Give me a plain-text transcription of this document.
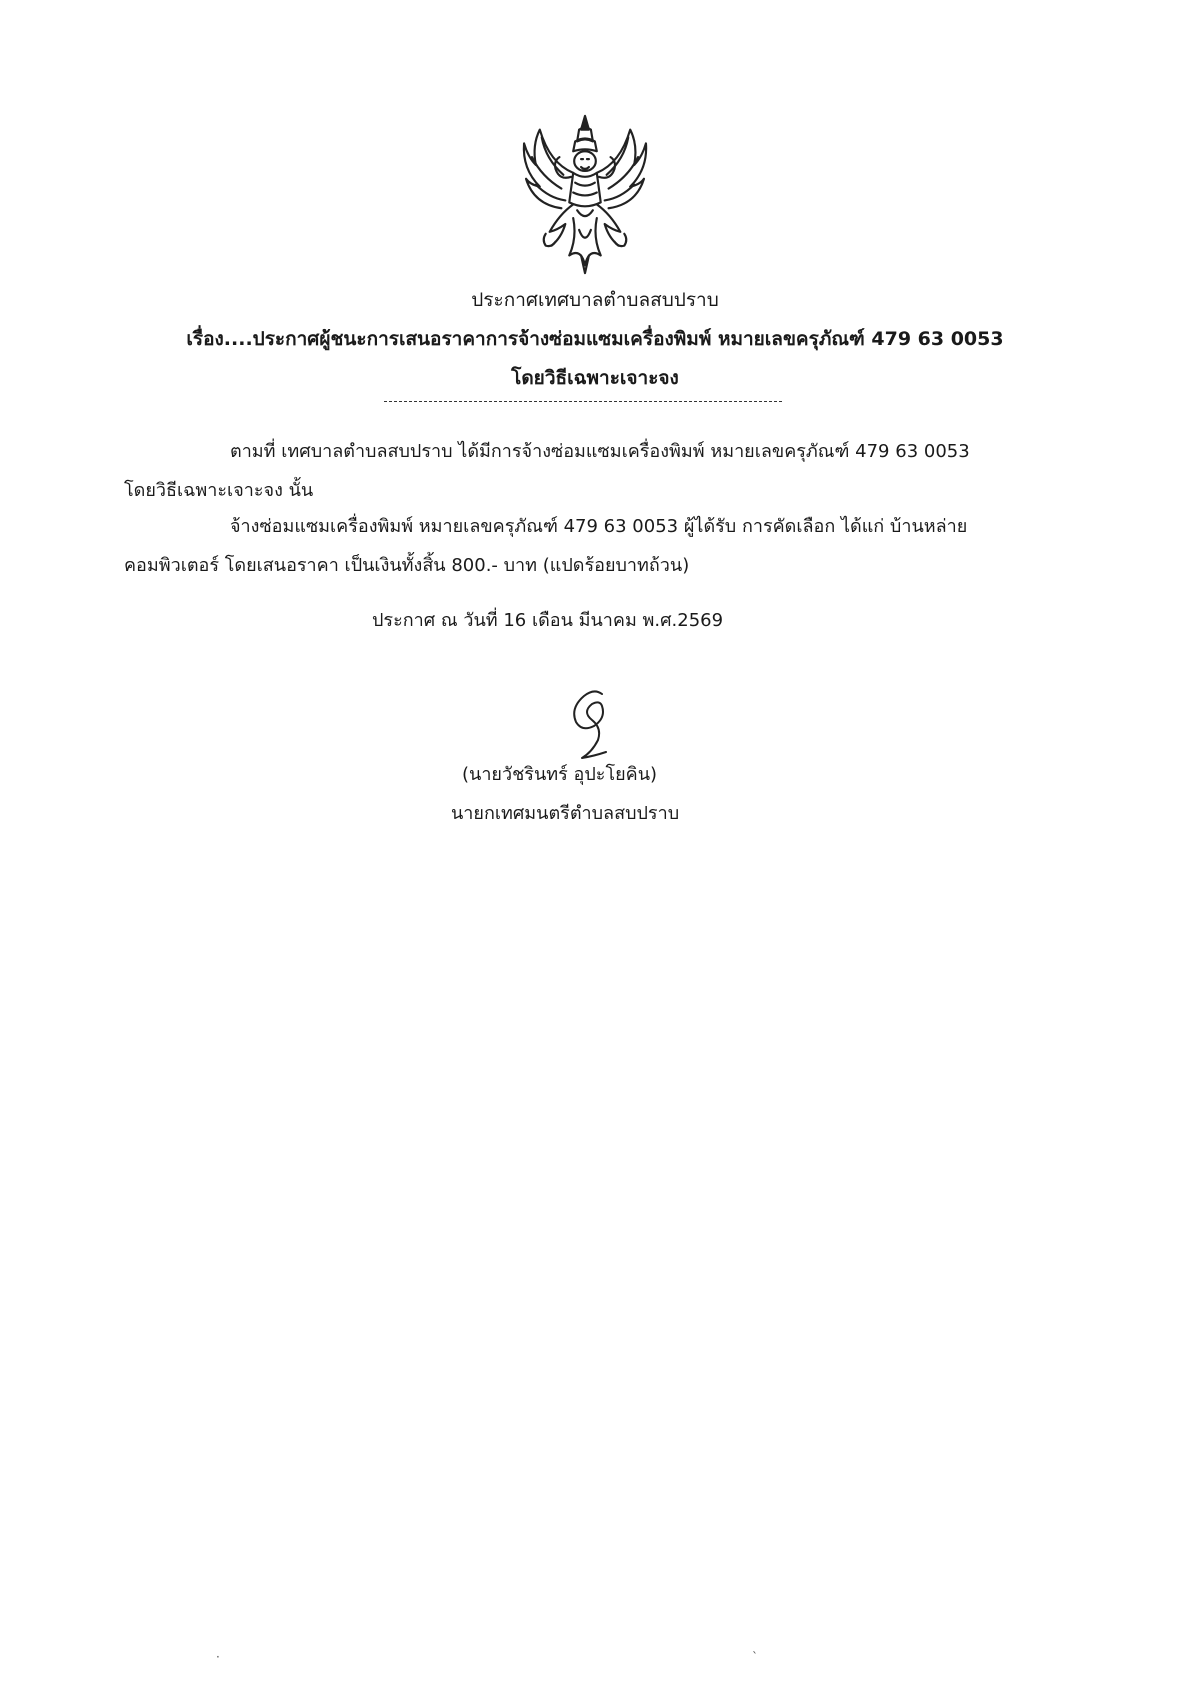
ประกาศเทศบาลตำบลสบปราบ
เรื่อง....ประกาศผู้ชนะการเสนอราคาการจ้างซ่อมแซมเครื่องพิมพ์ หมายเลขครุภัณฑ์ 479 63 0053
โดยวิธีเฉพาะเจาะจง
ตามที่ เทศบาลตำบลสบปราบ ได้มีการจ้างซ่อมแซมเครื่องพิมพ์ หมายเลขครุภัณฑ์ 479 63 0053
โดยวิธีเฉพาะเจาะจง นั้น
จ้างซ่อมแซมเครื่องพิมพ์ หมายเลขครุภัณฑ์ 479 63 0053 ผู้ได้รับ การคัดเลือก ได้แก่ บ้านหล่าย
คอมพิวเตอร์ โดยเสนอราคา เป็นเงินทั้งสิ้น 800.- บาท (แปดร้อยบาทถ้วน)
ประกาศ ณ วันที่ 16 เดือน มีนาคม พ.ศ.2569
(นายวัชรินทร์ อุปะโยคิน)
นายกเทศมนตรีตำบลสบปราบ
·	`
